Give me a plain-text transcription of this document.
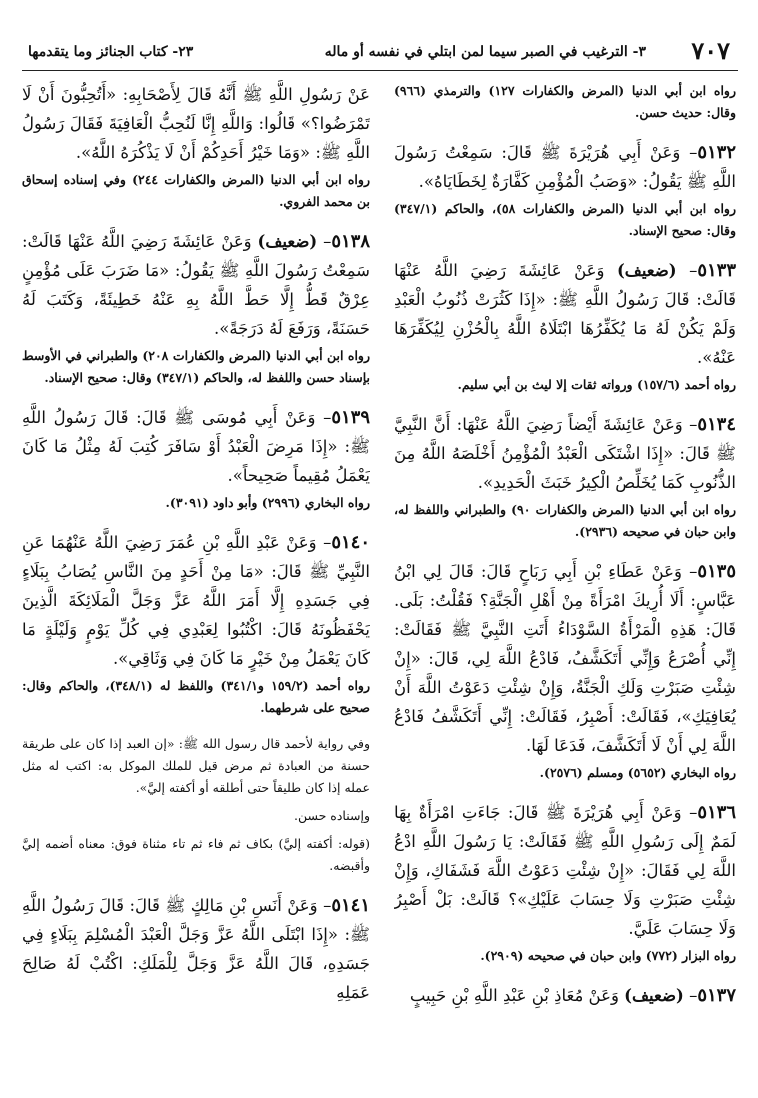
٧٠٧
٣- الترغيب في الصبر سيما لمن ابتلي في نفسه أو ماله
٢٣- كتاب الجنائز وما يتقدمها
رواه ابن أبي الدنيا (المرض والكفارات ١٢٧) والترمذي (٩٦٦) وقال: حديث حسن.

٥١٣٢– وَعَنْ أَبِي هُرَيْرَةَ ﷺ قَالَ: سَمِعْتُ رَسُولَ اللَّهِ ﷺ يَقُولُ: «وَصَبُ الْمُؤْمِنِ كَفَّارَةٌ لِخَطَايَاهُ».

رواه ابن أبي الدنيا (المرض والكفارات ٥٨)، والحاكم (٣٤٧/١) وقال: صحيح الإسناد.

٥١٣٣– (ضعيف) وَعَنْ عَائِشَةَ رَضِيَ اللَّهُ عَنْهَا قَالَتْ: قَالَ رَسُولُ اللَّهِ ﷺ: «إِذَا كَثُرَتْ ذُنُوبُ الْعَبْدِ وَلَمْ يَكُنْ لَهُ مَا يُكَفِّرُهَا ابْتَلَاهُ اللَّهُ بِالْحُزْنِ لِيُكَفِّرَهَا عَنْهُ».

رواه أحمد (١٥٧/٦) ورواته ثقات إلا ليث بن أبي سليم.

٥١٣٤– وَعَنْ عَائِشَةَ أَيْضاً رَضِيَ اللَّهُ عَنْهَا: أَنَّ النَّبِيَّ ﷺ قَالَ: «إِذَا اشْتَكَى الْعَبْدُ الْمُؤْمِنُ أَخْلَصَهُ اللَّهُ مِنَ الذُّنُوبِ كَمَا يُخَلِّصُ الْكِيرُ خَبَثَ الْحَدِيدِ».

رواه ابن أبي الدنيا (المرض والكفارات ٩٠) والطبراني واللفظ له، وابن حبان في صحيحه (٢٩٣٦).

٥١٣٥– وَعَنْ عَطَاءِ بْنِ أَبِي رَبَاحٍ قَالَ: قَالَ لِي ابْنُ عَبَّاسٍ: أَلَا أُرِيكَ امْرَأَةً مِنْ أَهْلِ الْجَنَّةِ؟ فَقُلْتُ: بَلَى. قَالَ: هَذِهِ الْمَرْأَةُ السَّوْدَاءُ أَتَتِ النَّبِيَّ ﷺ فَقَالَتْ: إِنِّي أُصْرَعُ وَإِنِّي أَتَكَشَّفُ، فَادْعُ اللَّهَ لِي، قَالَ: «إِنْ شِئْتِ صَبَرْتِ وَلَكِ الْجَنَّةُ، وَإِنْ شِئْتِ دَعَوْتُ اللَّهَ أَنْ يُعَافِيَكِ»، فَقَالَتْ: أَصْبِرُ، فَقَالَتْ: إِنِّي أَتَكَشَّفُ فَادْعُ اللَّهَ لِي أَنْ لَا أَتَكَشَّفَ، فَدَعَا لَهَا.

رواه البخاري (٥٦٥٢) ومسلم (٢٥٧٦).

٥١٣٦– وَعَنْ أَبِي هُرَيْرَةَ ﷺ قَالَ: جَاءَتِ امْرَأَةٌ بِهَا لَمَمٌ إِلَى رَسُولِ اللَّهِ ﷺ فَقَالَتْ: يَا رَسُولَ اللَّهِ ادْعُ اللَّهَ لِي فَقَالَ: «إِنْ شِئْتِ دَعَوْتُ اللَّهَ فَشَفَاكِ، وَإِنْ شِئْتِ صَبَرْتِ وَلَا حِسَابَ عَلَيْكِ»؟ قَالَتْ: بَلْ أَصْبِرُ وَلَا حِسَابَ عَلَيَّ.

رواه البزار (٧٧٢) وابن حبان في صحيحه (٢٩٠٩).

٥١٣٧– (ضعيف) وَعَنْ مُعَاذِ بْنِ عَبْدِ اللَّهِ بْنِ حَبِيبٍ

عَنْ رَسُولِ اللَّهِ ﷺ أَنَّهُ قَالَ لِأَصْحَابِهِ: «أَتُحِبُّونَ أَنْ لَا تَمْرَضُوا؟» قَالُوا: وَاللَّهِ إِنَّا لَنُحِبُّ الْعَافِيَةَ فَقَالَ رَسُولُ اللَّهِ ﷺ: «وَمَا خَيْرُ أَحَدِكُمْ أَنْ لَا يَذْكُرَهُ اللَّهُ».

رواه ابن أبي الدنيا (المرض والكفارات ٢٤٤) وفي إسناده إسحاق بن محمد الفروي.

٥١٣٨– (ضعيف) وَعَنْ عَائِشَةَ رَضِيَ اللَّهُ عَنْهَا قَالَتْ: سَمِعْتُ رَسُولَ اللَّهِ ﷺ يَقُولُ: «مَا ضَرَبَ عَلَى مُؤْمِنٍ عِرْقٌ قَطُّ إِلَّا حَطَّ اللَّهُ بِهِ عَنْهُ خَطِيئَةً، وَكَتَبَ لَهُ حَسَنَةً، وَرَفَعَ لَهُ دَرَجَةً».

رواه ابن أبي الدنيا (المرض والكفارات ٢٠٨) والطبراني في الأوسط بإسناد حسن واللفظ له، والحاكم (٣٤٧/١) وقال: صحيح الإسناد.

٥١٣٩– وَعَنْ أَبِي مُوسَى ﷺ قَالَ: قَالَ رَسُولُ اللَّهِ ﷺ: «إِذَا مَرِضَ الْعَبْدُ أَوْ سَافَرَ كُتِبَ لَهُ مِثْلُ مَا كَانَ يَعْمَلُ مُقِيماً صَحِيحاً».

رواه البخاري (٢٩٩٦) وأبو داود (٣٠٩١).

٥١٤٠– وَعَنْ عَبْدِ اللَّهِ بْنِ عُمَرَ رَضِيَ اللَّهُ عَنْهُمَا عَنِ النَّبِيِّ ﷺ قَالَ: «مَا مِنْ أَحَدٍ مِنَ النَّاسِ يُصَابُ بِبَلَاءٍ فِي جَسَدِهِ إِلَّا أَمَرَ اللَّهُ عَزَّ وَجَلَّ الْمَلَائِكَةَ الَّذِينَ يَحْفَظُونَهُ قَالَ: اكْتُبُوا لِعَبْدِي فِي كُلِّ يَوْمٍ وَلَيْلَةٍ مَا كَانَ يَعْمَلُ مِنْ خَيْرٍ مَا كَانَ فِي وَثَاقِي».

رواه أحمد (١٥٩/٢ و٣٤١/١) واللفظ له (٣٤٨/١)، والحاكم وقال: صحيح على شرطهما.

وفي رواية لأحمد قال رسول الله ﷺ: «إن العبد إذا كان على طريقة حسنة من العبادة ثم مرض قيل للملك الموكل به: اكتب له مثل عمله إذا كان طليقاً حتى أطلقه أو أكفته إليَّ».

وإسناده حسن.

(قوله: أكفته إليَّ) بكاف ثم فاء ثم تاء مثناة فوق: معناه أضمه إليَّ وأقبضه.

٥١٤١– وَعَنْ أَنَسِ بْنِ مَالِكٍ ﷺ قَالَ: قَالَ رَسُولُ اللَّهِ ﷺ: «إِذَا ابْتَلَى اللَّهُ عَزَّ وَجَلَّ الْعَبْدَ الْمُسْلِمَ بِبَلَاءٍ فِي جَسَدِهِ، قَالَ اللَّهُ عَزَّ وَجَلَّ لِلْمَلَكِ: اكْتُبْ لَهُ صَالِحَ عَمَلِهِ
